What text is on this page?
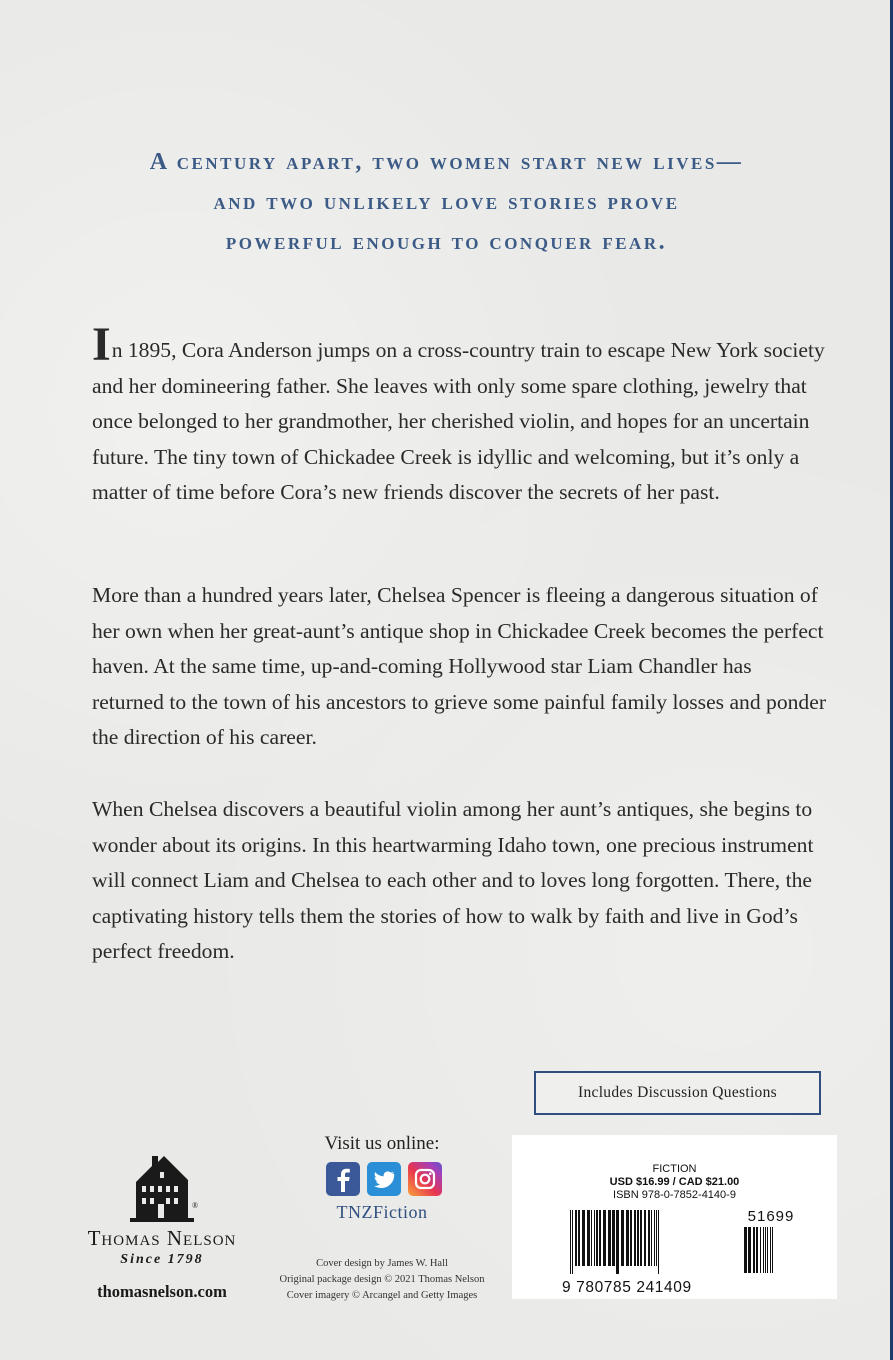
A century apart, two women start new lives—
and two unlikely love stories prove
powerful enough to conquer fear.

In 1895, Cora Anderson jumps on a cross-country train to escape New York society and her domineering father. She leaves with only some spare clothing, jewelry that once belonged to her grandmother, her cherished violin, and hopes for an uncertain future. The tiny town of Chickadee Creek is idyllic and welcoming, but it’s only a matter of time before Cora’s new friends discover the secrets of her past.

More than a hundred years later, Chelsea Spencer is fleeing a dangerous situation of her own when her great-aunt’s antique shop in Chickadee Creek becomes the perfect haven. At the same time, up-and-coming Hollywood star Liam Chandler has returned to the town of his ancestors to grieve some painful family losses and ponder the direction of his career.

When Chelsea discovers a beautiful violin among her aunt’s antiques, she begins to wonder about its origins. In this heartwarming Idaho town, one precious instrument will connect Liam and Chelsea to each other and to loves long forgotten. There, the captivating history tells them the stories of how to walk by faith and live in God’s perfect freedom.

Includes Discussion Questions
®
Thomas Nelson
Since 1798
thomasnelson.com
Visit us online:
TNZFiction
Cover design by James W. Hall
Original package design © 2021 Thomas Nelson
Cover imagery © Arcangel and Getty Images
FICTION
USD $16.99 / CAD $21.00
ISBN 978-0-7852-4140-9
51699
9 780785 241409
